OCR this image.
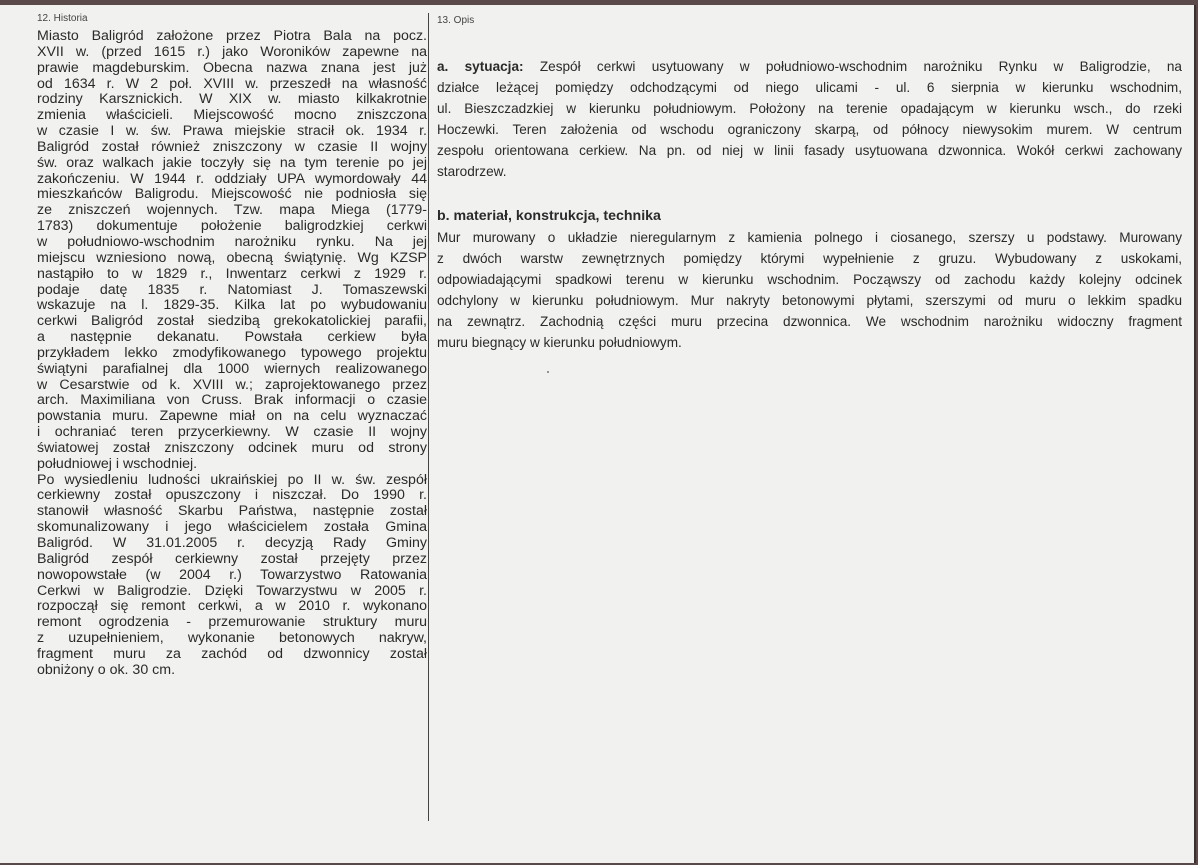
12. Historia	13. Opis
Miasto Baligród założone przez Piotra Bala na pocz.
XVII w. (przed 1615 r.) jako Woroników zapewne na
prawie magdeburskim. Obecna nazwa znana jest już
od 1634 r. W 2 poł. XVIII w. przeszedł na własność
rodziny Karsznickich. W XIX w. miasto kilkakrotnie
zmienia właścicieli. Miejscowość mocno zniszczona
w czasie I w. św. Prawa miejskie stracił ok. 1934 r.
Baligród został również zniszczony w czasie II wojny
św. oraz walkach jakie toczyły się na tym terenie po jej
zakończeniu. W 1944 r. oddziały UPA wymordowały 44
mieszkańców Baligrodu. Miejscowość nie podniosła się
ze zniszczeń wojennych. Tzw. mapa Miega (1779-
1783) dokumentuje położenie baligrodzkiej cerkwi
w południowo-wschodnim narożniku rynku. Na jej
miejscu wzniesiono nową, obecną świątynię. Wg KZSP
nastąpiło to w 1829 r., Inwentarz cerkwi z 1929 r.
podaje datę 1835 r. Natomiast J. Tomaszewski
wskazuje na l. 1829-35. Kilka lat po wybudowaniu
cerkwi Baligród został siedzibą grekokatolickiej parafii,
a następnie dekanatu. Powstała cerkiew była
przykładem lekko zmodyfikowanego typowego projektu
świątyni parafialnej dla 1000 wiernych realizowanego
w Cesarstwie od k. XVIII w.; zaprojektowanego przez
arch. Maximiliana von Cruss. Brak informacji o czasie
powstania muru. Zapewne miał on na celu wyznaczać
i ochraniać teren przycerkiewny. W czasie II wojny
światowej został zniszczony odcinek muru od strony
południowej i wschodniej.
Po wysiedleniu ludności ukraińskiej po II w. św. zespół
cerkiewny został opuszczony i niszczał. Do 1990 r.
stanowił własność Skarbu Państwa, następnie został
skomunalizowany i jego właścicielem została Gmina
Baligród. W 31.01.2005 r. decyzją Rady Gminy
Baligród zespół cerkiewny został przejęty przez
nowopowstałe (w 2004 r.) Towarzystwo Ratowania
Cerkwi w Baligrodzie. Dzięki Towarzystwu w 2005 r.
rozpoczął się remont cerkwi, a w 2010 r. wykonano
remont ogrodzenia - przemurowanie struktury muru
z uzupełnieniem, wykonanie betonowych nakryw,
fragment muru za zachód od dzwonnicy został
obniżony o ok. 30 cm.
a. sytuacja: Zespół cerkwi usytuowany w południowo-wschodnim narożniku Rynku w Baligrodzie, na
działce leżącej pomiędzy odchodzącymi od niego ulicami - ul. 6 sierpnia w kierunku wschodnim,
ul. Bieszczadzkiej w kierunku południowym. Położony na terenie opadającym w kierunku wsch., do rzeki
Hoczewki. Teren założenia od wschodu ograniczony skarpą, od północy niewysokim murem. W centrum
zespołu orientowana cerkiew. Na pn. od niej w linii fasady usytuowana dzwonnica. Wokół cerkwi zachowany
starodrzew.
b. materiał, konstrukcja, technika
Mur murowany o układzie nieregularnym z kamienia polnego i ciosanego, szerszy u podstawy. Murowany
z dwóch warstw zewnętrznych pomiędzy którymi wypełnienie z gruzu. Wybudowany z uskokami,
odpowiadającymi spadkowi terenu w kierunku wschodnim. Począwszy od zachodu każdy kolejny odcinek
odchylony w kierunku południowym. Mur nakryty betonowymi płytami, szerszymi od muru o lekkim spadku
na zewnątrz. Zachodnią części muru przecina dzwonnica. We wschodnim narożniku widoczny fragment
muru biegnący w kierunku południowym.
